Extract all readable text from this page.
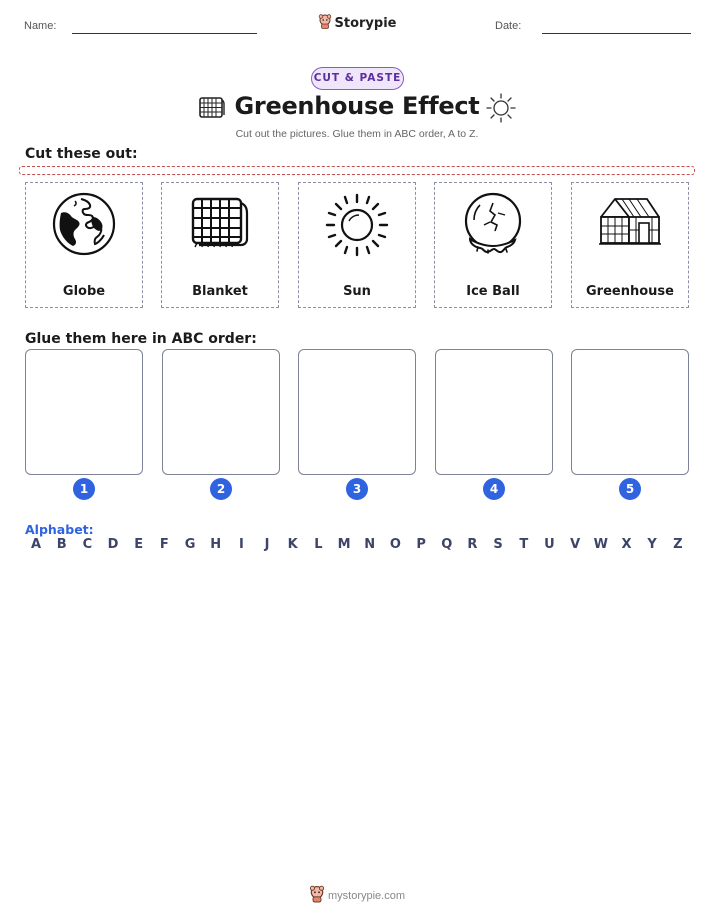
Name:	Storypie	Date:
CUT & PASTE
Greenhouse Effect
Cut out the pictures. Glue them in ABC order, A to Z.
Cut these out:
Globe	Blanket	Sun	Ice Ball	Greenhouse
Glue them here in ABC order:
1	2	3	4	5
Alphabet:
A	B	C	D	E	F	G	H	I	J	K	L	M	N	O	P	Q	R	S	T	U	V	W	X	Y	Z
mystorypie.com
